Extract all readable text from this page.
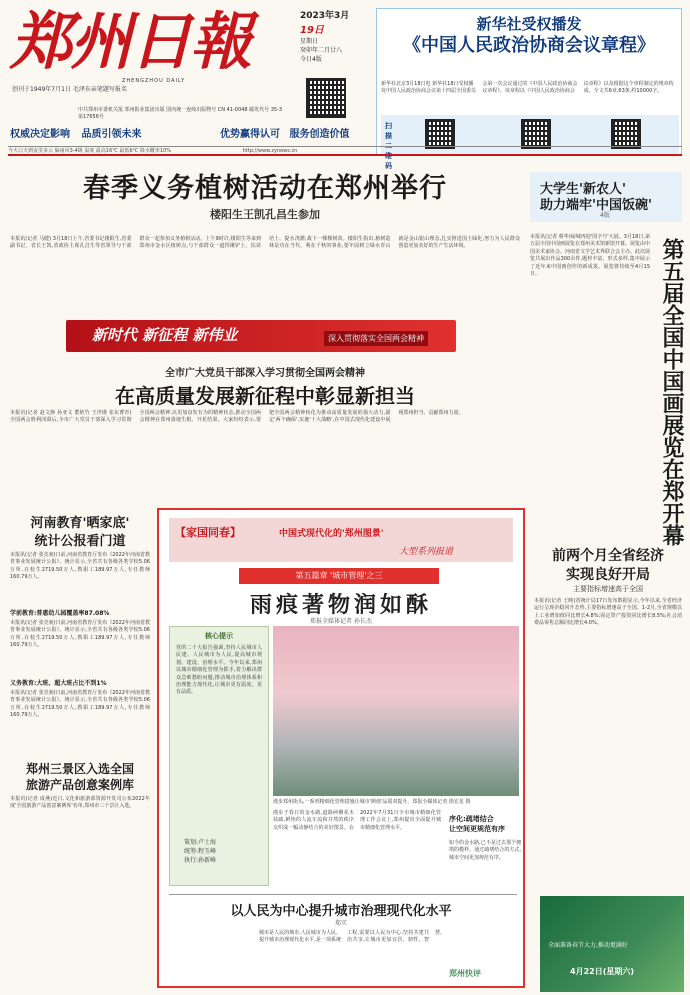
郑州日報
ZHENGZHOU DAILY
创刊于1949年7月1日 毛泽东亲笔题写报名
中共郑州市委机关报 郑州报业集团出版 国内统一连续出版物号 CN 41-0048 邮发代号 35-3 第17656号
2023年3月
19日
星期日
癸卯年二月廿八
今日4版
新华社受权播发
《中国人民政治协商会议章程》
新华社北京3月18日电 新华社18日受权播发中国人民政治协商会议第十四届全国委员会第一次会议通过的《中国人民政治协商会议章程》。该章程以《中国人民政治协商会议章程》以及根据这个章程制定的规章构成。全文共6章,63条,约10000字。
扫描二维码
权威决定影响 品质引领未来	优势赢得认可 服务创造价值
今天白天到夜里多云 偏南风3-4级 温度 最高16℃ 最低6℃ 降水概率10%	http://www.zynews.cn
春季义务植树活动在郑州举行
楼阳生王凯孔昌生参加
本报讯(记者 马健) 3月18日上午,省委书记楼阳生,省委副书记、省长王凯,省政协主席孔昌生等省领导与干部群众一起参加义务植树活动。上午9时许,楼阳生等来到郑州市金水区植树点,与干部群众一道挥锹铲土、扶苗培土、提水浇灌,栽下一棵棵树苗。楼阳生指出,植树造林是功在当代、利在千秋的事业,要牢固树立绿水青山就是金山银山理念,扎实推进国土绿化,努力为人民群众创造更加美好的生产生活环境。
大学生'新农人'
助力端牢'中国饭碗'
4版
新时代 新征程 新伟业	深入贯彻落实全国两会精神
全市广大党员干部深入学习贯彻全国两会精神
在高质量发展新征程中彰显新担当
本报讯(记者 赵文静 孙亚文 董艳竹 王世瑾 张东曹青)全国两会胜利闭幕后,全市广大党员干部深入学习贯彻全国两会精神,以更加奋发有为的精神状态,推动全国两会精神在郑州落地生根、开花结果。大家纷纷表示,要把全国两会精神转化为推动高质量发展的强大动力,锚定'两个确保',实施'十大战略',在中国式现代化建设中展现郑州担当、贡献郑州力量。
本报讯(记者 蔡华)绿城再迎'国字号'大展。3月18日,第五届全国中国画展览在郑州美术馆新馆开幕。展览由中国美术家协会、河南省文学艺术界联合会主办。此次展览共展出作品300余件,题材丰富、形式多样,集中展示了近年来中国画创作的新成果。展览将持续至4月15日。	第五届全国中国画展览在郑开幕
河南教育'晒家底'
统计公报看门道
本报讯(记者 张竞昶)日前,河南省教育厅发布《2022年河南省教育事业发展统计公报》。统计显示,全省共有各级各类学校5.06万所,在校生2719.50万人,教职工189.97万人,专任教师160.79万人。
学前教育:普惠幼儿园覆盖率87.08%
本报讯(记者 张竞昶)日前,河南省教育厅发布《2022年河南省教育事业发展统计公报》。统计显示,全省共有各级各类学校5.06万所,在校生2719.50万人,教职工189.97万人,专任教师160.79万人。
义务教育:大班、超大班占比不到1%
本报讯(记者 张竞昶)日前,河南省教育厅发布《2022年河南省教育事业发展统计公报》。统计显示,全省共有各级各类学校5.06万所,在校生2719.50万人,教职工189.97万人,专任教师160.79万人。
郑州三景区入选全国
旅游产品创意案例库
本报讯(记者 成燕)近日,文化和旅游部资源开发司公布2022年度'全国旅游产品创意案例库'名单,郑州市三个景区入选。
前两个月全省经济
实现良好开局
主要指标增速高于全国
本报讯(记者 王映)省统计局17日发布数据显示,今年以来,全省经济运行呈现企稳回升态势,主要指标增速高于全国。1-2月,全省规模以上工业增加值同比增长4.8%;固定资产投资同比增长8.5%;社会消费品零售总额同比增长4.0%。
全面准备春节大力,推动更满好
4月22日(星期六)
【家国同春】	中国式现代化的'郑州图景'
大型系列报道
第五篇章 '城市管理'之三
雨痕著物润如酥
郑报全媒体记者 孙长杰
核心提示
党的二十大报告强调,坚持人民城市人民建、人民城市为人民,提高城市规划、建设、治理水平。今年以来,郑州以城市精细化管理为抓手,着力解决群众急难愁盼问题,推动城市治理体系和治理能力现代化,让城市更有温度、更有品质。
策划:卢士海
统筹:程玉峰
执行:孙新峰
漫步郑州街头,一系列精细化管理措施让城市'颜值'品质双提升。郑报全媒体记者 徐宏星 摄
漫步于春日的金水路,道路两侧花木扶疏,鲜艳的人流车流和井然的秩序交织成一幅动静结合的美好图景。在2022年7月31日全市城市精细化管理工作会议上,郑州提出全面提升城市精细化管理水平。
序化:疏堵结合
让空间更规范有序
如今的金水路,已不是过去那个拥堵的模样。通过疏堵结合的方式,城市空间更加规范有序。
以人民为中心提升城市治理现代化水平
郑实
城市是人民的城市,人民城市为人民。提升城市治理现代化水平,是一项系统工程,需要以人民为中心,坚持共建共治共享,让城市更加宜居、韧性、智慧。
郑州快评
